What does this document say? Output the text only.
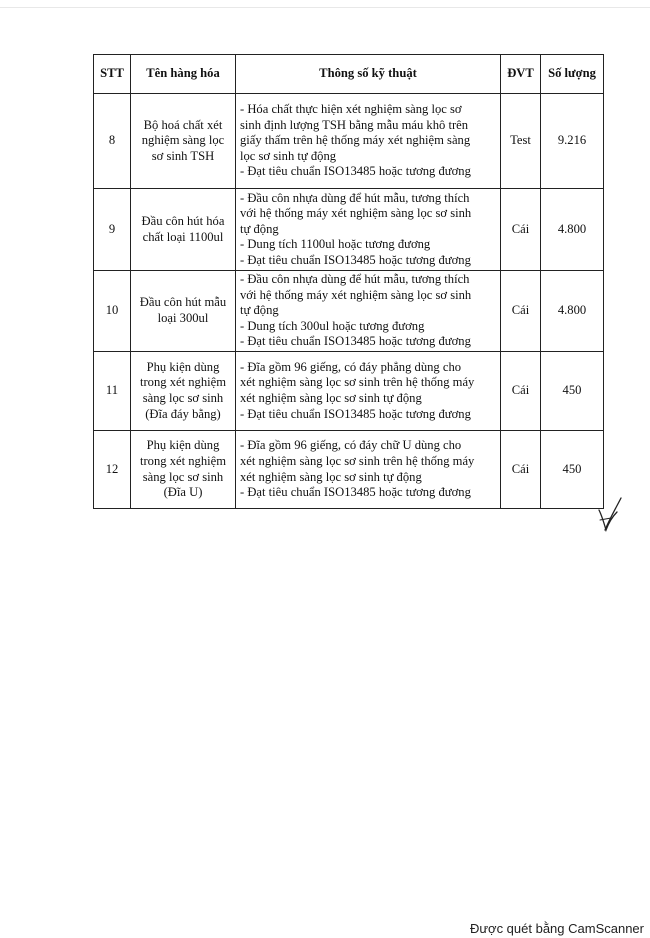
STT	Tên hàng hóa	Thông số kỹ thuật	ĐVT	Số lượng
8	Bộ hoá chất xét nghiệm sàng lọc sơ sinh TSH	- Hóa chất thực hiện xét nghiệm sàng lọc sơ
sinh định lượng TSH bằng mẫu máu khô trên
giấy thấm trên hệ thống máy xét nghiệm sàng
lọc sơ sinh tự động
- Đạt tiêu chuẩn ISO13485 hoặc tương đương	Test	9.216
9	Đầu côn hút hóa chất loại 1100ul	- Đầu côn nhựa dùng để hút mẫu, tương thích
với hệ thống máy xét nghiệm sàng lọc sơ sinh
tự động
- Dung tích 1100ul hoặc tương đương
- Đạt tiêu chuẩn ISO13485 hoặc tương đương	Cái	4.800
10	Đầu côn hút mẫu loại 300ul	- Đầu côn nhựa dùng để hút mẫu, tương thích
với hệ thống máy xét nghiệm sàng lọc sơ sinh
tự động
- Dung tích 300ul hoặc tương đương
- Đạt tiêu chuẩn ISO13485 hoặc tương đương	Cái	4.800
11	Phụ kiện dùng trong xét nghiệm sàng lọc sơ sinh (Đĩa đáy bằng)	- Đĩa gồm 96 giếng, có đáy phẳng dùng cho
xét nghiệm sàng lọc sơ sinh trên hệ thống máy
xét nghiệm sàng lọc sơ sinh tự động
- Đạt tiêu chuẩn ISO13485 hoặc tương đương	Cái	450
12	Phụ kiện dùng trong xét nghiệm sàng lọc sơ sinh (Đĩa U)	- Đĩa gồm 96 giếng, có đáy chữ U dùng cho
xét nghiệm sàng lọc sơ sinh trên hệ thống máy
xét nghiệm sàng lọc sơ sinh tự động
- Đạt tiêu chuẩn ISO13485 hoặc tương đương	Cái	450
Được quét bằng CamScanner
